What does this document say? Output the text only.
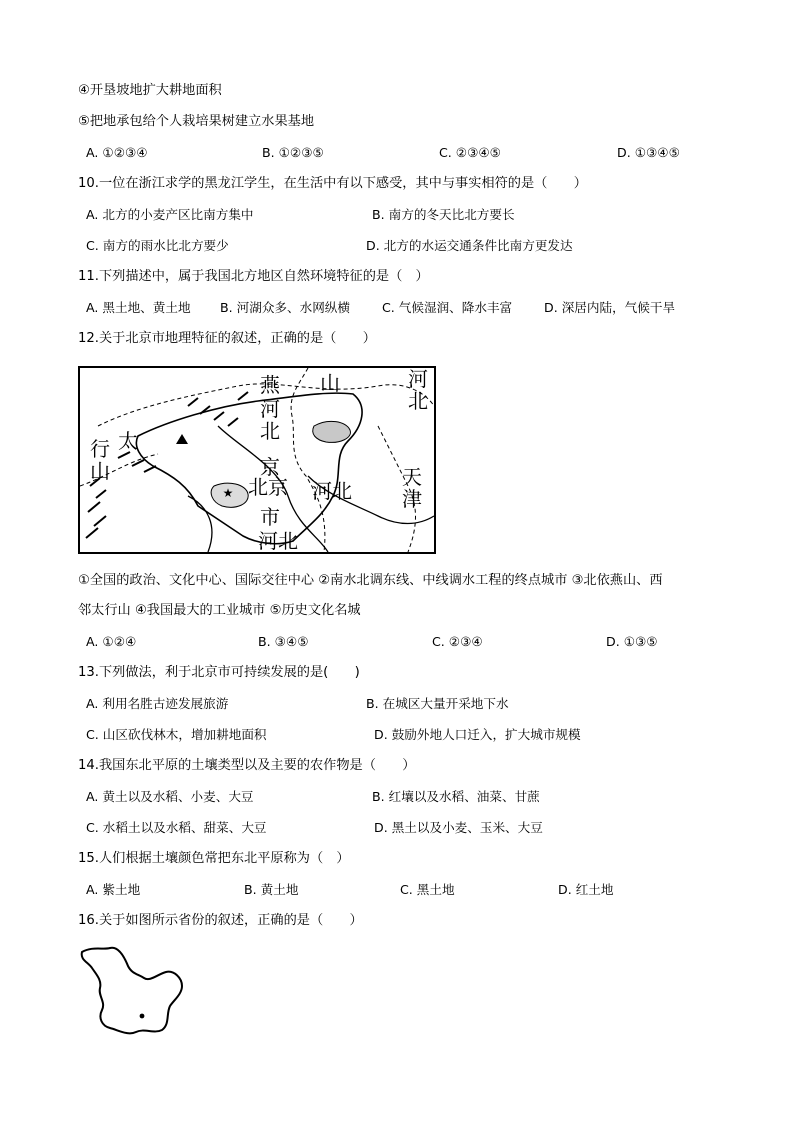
④开垦坡地扩大耕地面积
⑤把地承包给个人栽培果树建立水果基地
A. ①②③④	B. ①②③⑤	C. ②③④⑤	D. ①③④⑤
10.一位在浙江求学的黑龙江学生，在生活中有以下感受，其中与事实相符的是（　　）
A. 北方的小麦产区比南方集中	B. 南方的冬天比北方要长
C. 南方的雨水比北方要少	D. 北方的水运交通条件比南方更发达
11.下列描述中，属于我国北方地区自然环境特征的是（　）
A. 黑土地、黄土地 B. 河湖众多、水网纵横	C. 气候湿润、降水丰富	D. 深居内陆，气候干旱
12.关于北京市地理特征的叙述，正确的是（　　）
★
燕 山	河
北
河
北
太
行
山	京
北京 河北
天
津
市
河北
①全国的政治、文化中心、国际交往中心 ②南水北调东线、中线调水工程的终点城市 ③北依燕山、西
邻太行山 ④我国最大的工业城市 ⑤历史文化名城
A. ①②④	B. ③④⑤	C. ②③④	D. ①③⑤
13.下列做法，利于北京市可持续发展的是(　　)
A. 利用名胜古迹发展旅游	B. 在城区大量开采地下水
C. 山区砍伐林木，增加耕地面积	D. 鼓励外地人口迁入，扩大城市规模
14.我国东北平原的土壤类型以及主要的农作物是（　　）
A. 黄土以及水稻、小麦、大豆	B. 红壤以及水稻、油菜、甘蔗
C. 水稻土以及水稻、甜菜、大豆	D. 黑土以及小麦、玉米、大豆
15.人们根据土壤颜色常把东北平原称为（　）
A. 紫土地	B. 黄土地	C. 黑土地	D. 红土地
16.关于如图所示省份的叙述，正确的是（　　）
